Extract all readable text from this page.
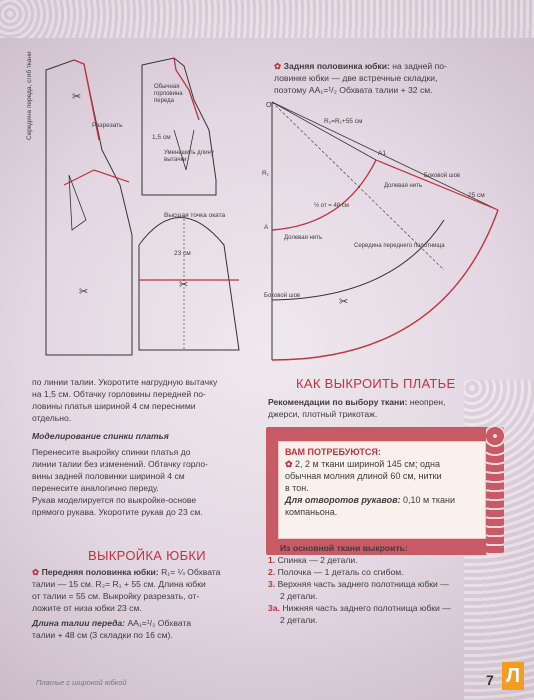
✂
✂
✂
✂
Середина переда, сгиб ткани	Разрезать
Обычная горловина переда
1,5 см
Уменьшить длину вытачки
Высшая точка оката
23 см
O
R₂=R₁+55 см
A1
R₁
A
½ от = 48 см
Долевая нить
Долевая нить
Боковой шов
25 см
Середина переднего полотнища
Боковой шов
✿ Задняя половинка юбки: на задней по-
ловинке юбки — две встречные складки,
поэтому AA₁=¹/₂ Обхвата талии + 32 см.
по линии талии. Укоротите нагрудную вытачку
на 1,5 см. Обтачку горловины передней по-
ловины платья шириной 4 см пересними
отдельно.
Моделирование спинки платья
Перенесите выкройку спинки платья до
линии талии без изменений. Обтачку горло-
вины задней половинки шириной 4 см
перенесите аналогично переду.
Рукав моделируется по выкройке-основе
прямого рукава. Укоротите рукав до 23 см.
ВЫКРОЙКА ЮБКИ
✿ Передняя половинка юбки: R₁= ¼ Обхвата
талии — 15 см. R₂= R₁ + 55 см. Длина юбки
от талии = 55 см. Выкройку разрезать, от-
ложите от низа юбки 23 см.
Длина талии переда: AA₁=¹/₂ Обхвата
талии + 48 см (3 складки по 16 см).
КАК ВЫКРОИТЬ ПЛАТЬЕ
Рекомендации по выбору ткани: неопрен,
джерси, плотный трикотаж.
ВАМ ПОТРЕБУЮТСЯ:
✿ 2, 2 м ткани шириной 145 см; одна
обычная молния длиной 60 см, нитки
в тон.
Для отворотов рукавов: 0,10 м ткани
компаньона.
Из основной ткани выкроить:
1. Спинка — 2 детали.
2. Полочка — 1 деталь со сгибом.
3. Верхняя часть заднего полотнища юбки —
2 детали.
3а. Нижняя часть заднего полотнища юбки —
2 детали.
Платье с широкой юбкой	7 Л
